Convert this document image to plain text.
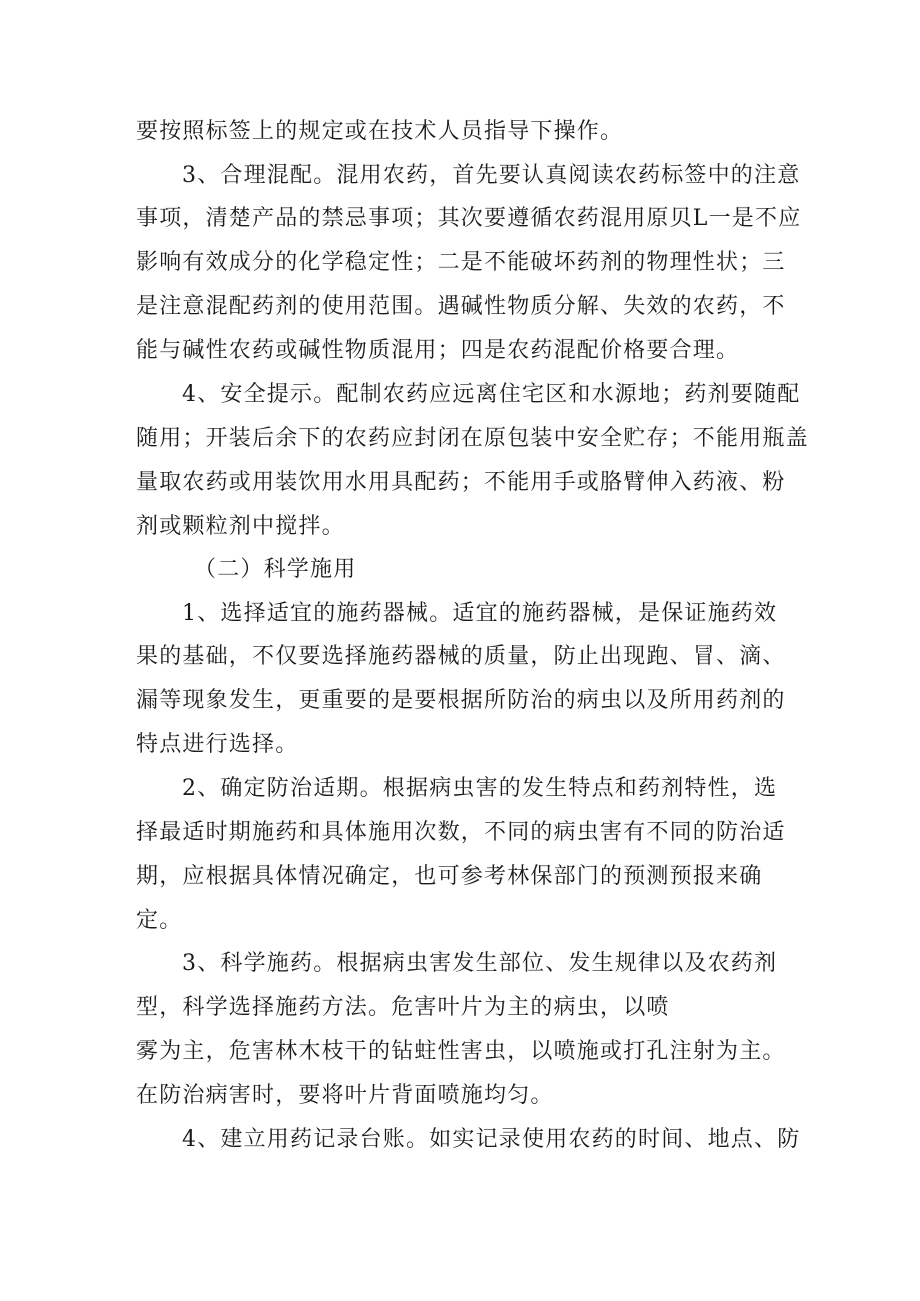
要按照标签上的规定或在技术人员指导下操作。
3、合理混配。混用农药，首先要认真阅读农药标签中的注意
事项，清楚产品的禁忌事项；其次要遵循农药混用原贝L一是不应
影响有效成分的化学稳定性；二是不能破坏药剂的物理性状；三
是注意混配药剂的使用范围。遇碱性物质分解、失效的农药，不
能与碱性农药或碱性物质混用；四是农药混配价格要合理。
4、安全提示。配制农药应远离住宅区和水源地；药剂要随配
随用；开装后余下的农药应封闭在原包装中安全贮存；不能用瓶盖
量取农药或用装饮用水用具配药；不能用手或胳臂伸入药液、粉
剂或颗粒剂中搅拌。
（二）科学施用
1、选择适宜的施药器械。适宜的施药器械，是保证施药效
果的基础，不仅要选择施药器械的质量，防止出现跑、冒、滴、
漏等现象发生，更重要的是要根据所防治的病虫以及所用药剂的
特点进行选择。
2、确定防治适期。根据病虫害的发生特点和药剂特性，选
择最适时期施药和具体施用次数，不同的病虫害有不同的防治适
期，应根据具体情况确定，也可参考林保部门的预测预报来确
定。
3、科学施药。根据病虫害发生部位、发生规律以及农药剂
型，科学选择施药方法。危害叶片为主的病虫，以喷
雾为主，危害林木枝干的钻蛀性害虫，以喷施或打孔注射为主。
在防治病害时，要将叶片背面喷施均匀。
4、建立用药记录台账。如实记录使用农药的时间、地点、防
